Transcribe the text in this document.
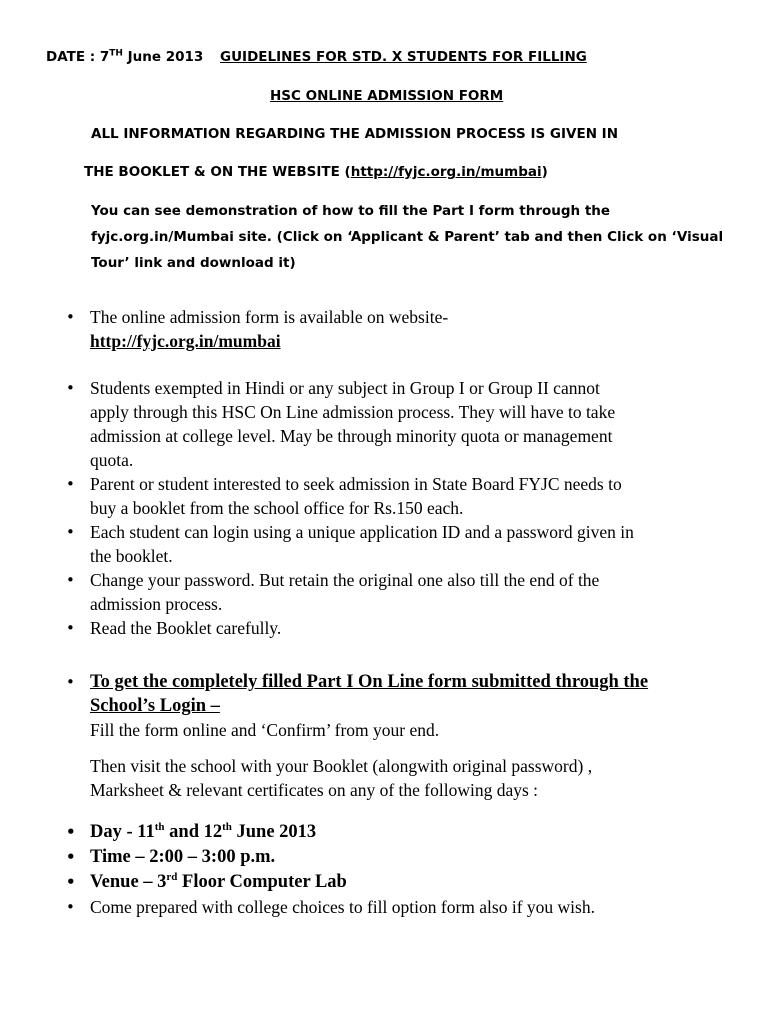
DATE : 7TH June 2013 GUIDELINES FOR STD. X STUDENTS FOR FILLING
HSC ONLINE ADMISSION FORM
ALL INFORMATION REGARDING THE ADMISSION PROCESS IS GIVEN IN
THE BOOKLET & ON THE WEBSITE (http://fyjc.org.in/mumbai)
You can see demonstration of how to fill the Part I form through the
fyjc.org.in/Mumbai site. (Click on ‘Applicant & Parent’ tab and then Click on ‘Visual
Tour’ link and download it)
• The online admission form is available on website-
http://fyjc.org.in/mumbai
• Students exempted in Hindi or any subject in Group I or Group II cannot
apply through this HSC On Line admission process. They will have to take
admission at college level. May be through minority quota or management
quota.
• Parent or student interested to seek admission in State Board FYJC needs to
buy a booklet from the school office for Rs.150 each.
• Each student can login using a unique application ID and a password given in
the booklet.
• Change your password. But retain the original one also till the end of the
admission process.
• Read the Booklet carefully.
• To get the completely filled Part I On Line form submitted through the
School’s Login –
Fill the form online and ‘Confirm’ from your end.
Then visit the school with your Booklet (alongwith original password) ,
Marksheet & relevant certificates on any of the following days :
• Day - 11th and 12th June 2013
• Time – 2:00 – 3:00 p.m.
• Venue – 3rd Floor Computer Lab
• Come prepared with college choices to fill option form also if you wish.
